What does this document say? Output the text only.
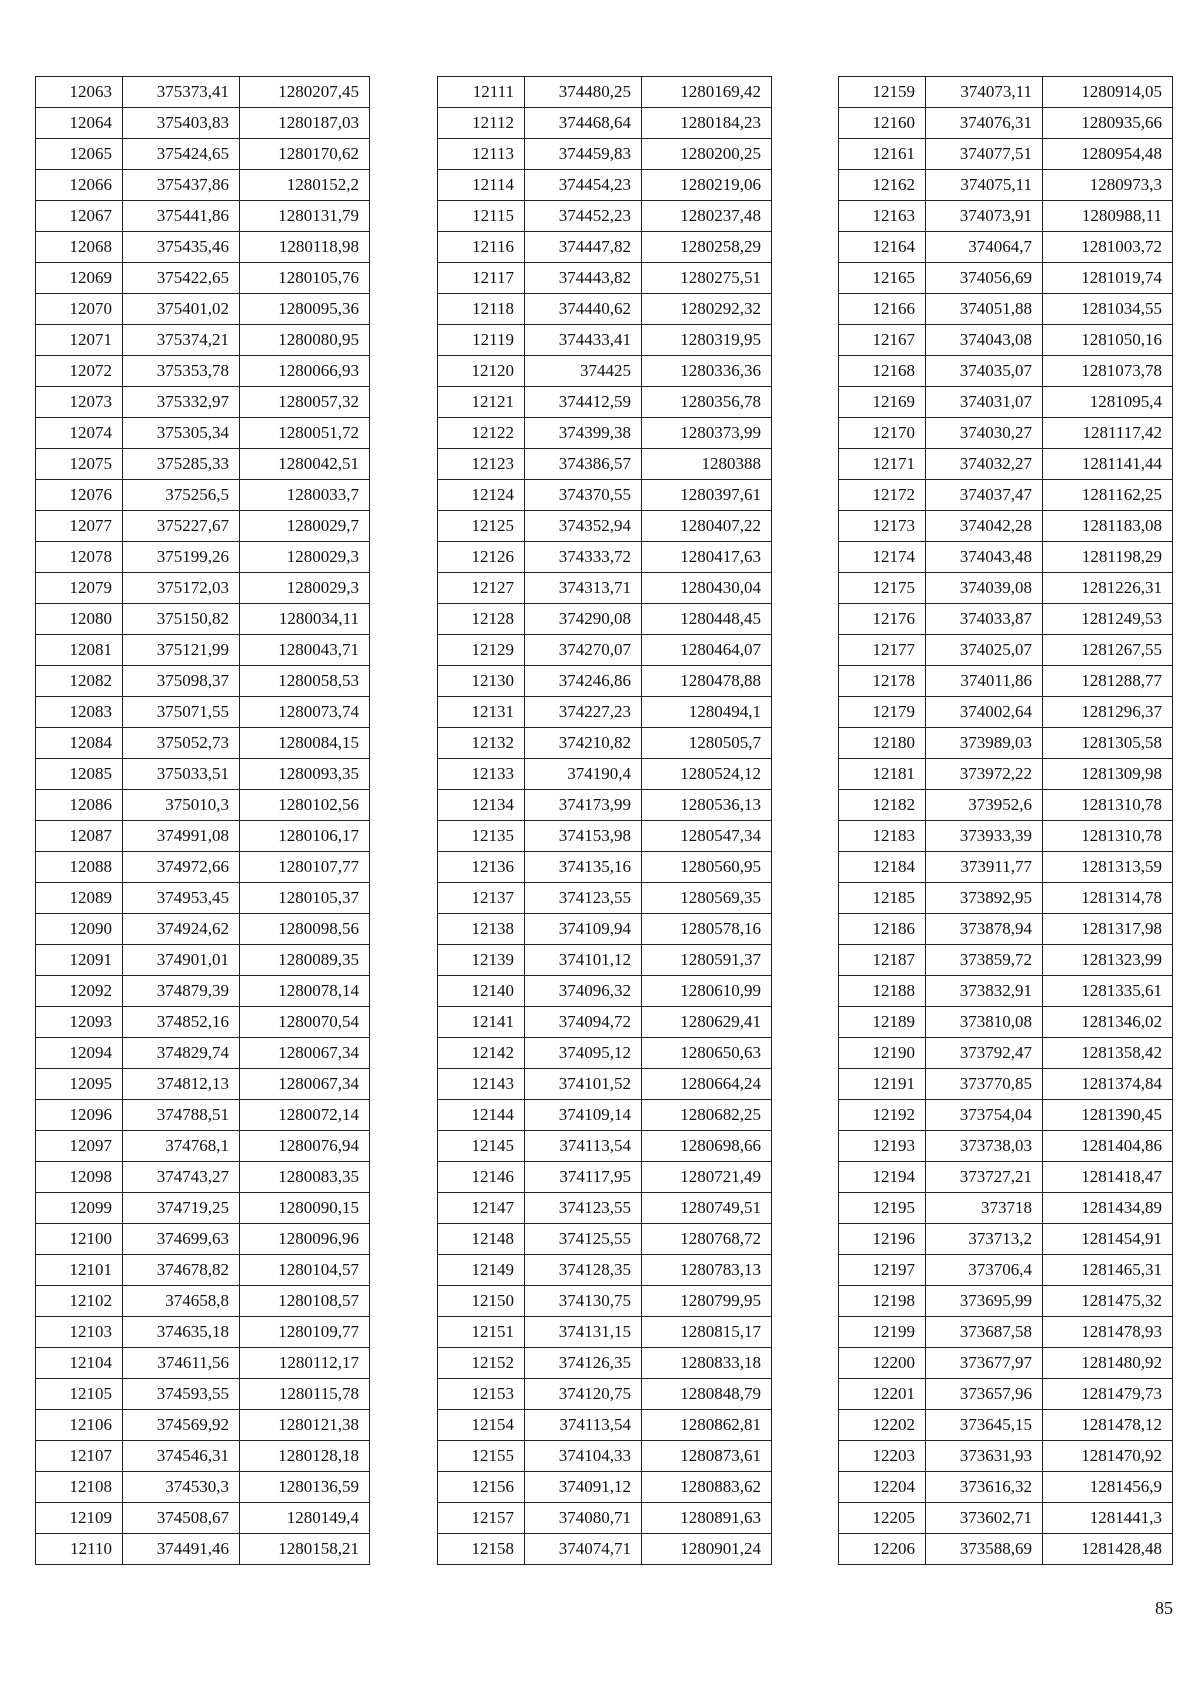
12063	375373,41	1280207,45
12064	375403,83	1280187,03
12065	375424,65	1280170,62
12066	375437,86	1280152,2
12067	375441,86	1280131,79
12068	375435,46	1280118,98
12069	375422,65	1280105,76
12070	375401,02	1280095,36
12071	375374,21	1280080,95
12072	375353,78	1280066,93
12073	375332,97	1280057,32
12074	375305,34	1280051,72
12075	375285,33	1280042,51
12076	375256,5	1280033,7
12077	375227,67	1280029,7
12078	375199,26	1280029,3
12079	375172,03	1280029,3
12080	375150,82	1280034,11
12081	375121,99	1280043,71
12082	375098,37	1280058,53
12083	375071,55	1280073,74
12084	375052,73	1280084,15
12085	375033,51	1280093,35
12086	375010,3	1280102,56
12087	374991,08	1280106,17
12088	374972,66	1280107,77
12089	374953,45	1280105,37
12090	374924,62	1280098,56
12091	374901,01	1280089,35
12092	374879,39	1280078,14
12093	374852,16	1280070,54
12094	374829,74	1280067,34
12095	374812,13	1280067,34
12096	374788,51	1280072,14
12097	374768,1	1280076,94
12098	374743,27	1280083,35
12099	374719,25	1280090,15
12100	374699,63	1280096,96
12101	374678,82	1280104,57
12102	374658,8	1280108,57
12103	374635,18	1280109,77
12104	374611,56	1280112,17
12105	374593,55	1280115,78
12106	374569,92	1280121,38
12107	374546,31	1280128,18
12108	374530,3	1280136,59
12109	374508,67	1280149,4
12110	374491,46	1280158,21
12111	374480,25	1280169,42
12112	374468,64	1280184,23
12113	374459,83	1280200,25
12114	374454,23	1280219,06
12115	374452,23	1280237,48
12116	374447,82	1280258,29
12117	374443,82	1280275,51
12118	374440,62	1280292,32
12119	374433,41	1280319,95
12120	374425	1280336,36
12121	374412,59	1280356,78
12122	374399,38	1280373,99
12123	374386,57	1280388
12124	374370,55	1280397,61
12125	374352,94	1280407,22
12126	374333,72	1280417,63
12127	374313,71	1280430,04
12128	374290,08	1280448,45
12129	374270,07	1280464,07
12130	374246,86	1280478,88
12131	374227,23	1280494,1
12132	374210,82	1280505,7
12133	374190,4	1280524,12
12134	374173,99	1280536,13
12135	374153,98	1280547,34
12136	374135,16	1280560,95
12137	374123,55	1280569,35
12138	374109,94	1280578,16
12139	374101,12	1280591,37
12140	374096,32	1280610,99
12141	374094,72	1280629,41
12142	374095,12	1280650,63
12143	374101,52	1280664,24
12144	374109,14	1280682,25
12145	374113,54	1280698,66
12146	374117,95	1280721,49
12147	374123,55	1280749,51
12148	374125,55	1280768,72
12149	374128,35	1280783,13
12150	374130,75	1280799,95
12151	374131,15	1280815,17
12152	374126,35	1280833,18
12153	374120,75	1280848,79
12154	374113,54	1280862,81
12155	374104,33	1280873,61
12156	374091,12	1280883,62
12157	374080,71	1280891,63
12158	374074,71	1280901,24
12159	374073,11	1280914,05
12160	374076,31	1280935,66
12161	374077,51	1280954,48
12162	374075,11	1280973,3
12163	374073,91	1280988,11
12164	374064,7	1281003,72
12165	374056,69	1281019,74
12166	374051,88	1281034,55
12167	374043,08	1281050,16
12168	374035,07	1281073,78
12169	374031,07	1281095,4
12170	374030,27	1281117,42
12171	374032,27	1281141,44
12172	374037,47	1281162,25
12173	374042,28	1281183,08
12174	374043,48	1281198,29
12175	374039,08	1281226,31
12176	374033,87	1281249,53
12177	374025,07	1281267,55
12178	374011,86	1281288,77
12179	374002,64	1281296,37
12180	373989,03	1281305,58
12181	373972,22	1281309,98
12182	373952,6	1281310,78
12183	373933,39	1281310,78
12184	373911,77	1281313,59
12185	373892,95	1281314,78
12186	373878,94	1281317,98
12187	373859,72	1281323,99
12188	373832,91	1281335,61
12189	373810,08	1281346,02
12190	373792,47	1281358,42
12191	373770,85	1281374,84
12192	373754,04	1281390,45
12193	373738,03	1281404,86
12194	373727,21	1281418,47
12195	373718	1281434,89
12196	373713,2	1281454,91
12197	373706,4	1281465,31
12198	373695,99	1281475,32
12199	373687,58	1281478,93
12200	373677,97	1281480,92
12201	373657,96	1281479,73
12202	373645,15	1281478,12
12203	373631,93	1281470,92
12204	373616,32	1281456,9
12205	373602,71	1281441,3
12206	373588,69	1281428,48
85
